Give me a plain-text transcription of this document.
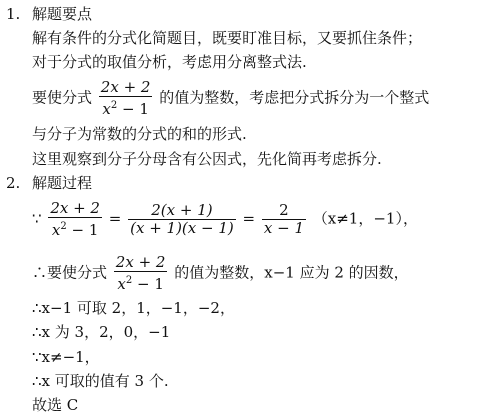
1. 解题要点
解有条件的分式化简题目，既要盯准目标，又要抓住条件；
对于分式的取值分析，考虑用分离整式法.
要使分式 $\frac{2x + 2}{x^2 - 1}$ 的值为整数，考虑把分式拆分为一个整式
与分子为常数的分式的和的形式.
这里观察到分子分母含有公因式，先化简再考虑拆分.
2. 解题过程
∵ $\frac{2x + 2}{x^2 - 1} = \frac{2(x + 1)}{(x + 1)(x - 1)} = \frac{2}{x - 1} (x\ne 1$，−1），
∴要使分式 $\frac{2x + 2}{x^2 - 1}$ 的值为整数，x−1 应为 2 的因数，
∴x−1 可取 2，1，−1，−2，
∴x 为 3，2，0，−1
∵x≠−1，
∴x 可取的值有 3 个.
故选 C
